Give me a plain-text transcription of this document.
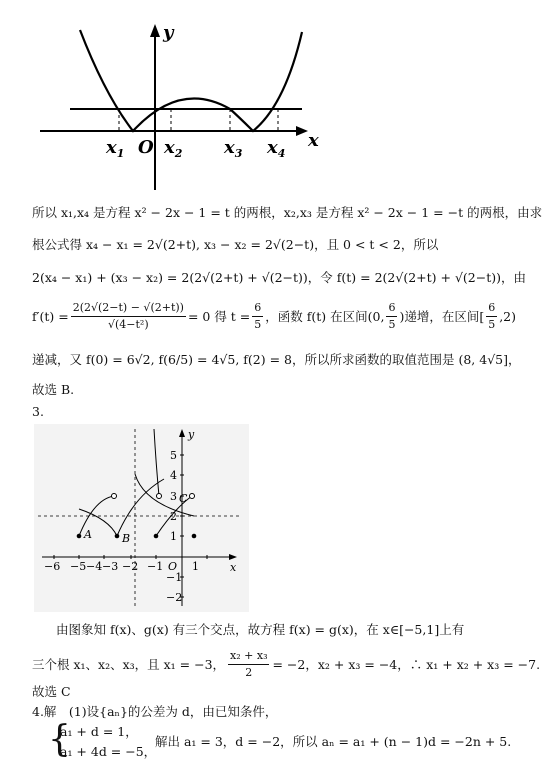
y
x
$x_1$ O $x_2$ $x_3$ $x_4$
所以 x₁,x₄ 是方程 x² − 2x − 1 = t 的两根，x₂,x₃ 是方程 x² − 2x − 1 = −t 的两根，由求
根公式得 x₄ − x₁ = 2√(2+t), x₃ − x₂ = 2√(2−t)，且 0 < t < 2，所以
2(x₄ − x₁) + (x₃ − x₂) = 2(2√(2+t) + √(2−t))，令 f(t) = 2(2√(2+t) + √(2−t))，由
$f'(t) = \frac{2(2√(2-t) - √(2+t))}{\text{√(4−t²)}} = 0$ 得 $t = \frac{6}{5}$ ，函数 f(t) 在区间(0, $\frac{6}{5}$ )递增，在区间[ $\frac{6}{5} ,2$)
递减，又 f(0) = 6√2, f(6/5) = 4√5, f(2) = 8，所以所求函数的取值范围是 (8, 4√5]，
故选 B.
3.
−6 −5 −4 −3 −2 −1 O 1
5
4
3
2
1
−1
−2
y
x
A	B
C
由图象知 f(x)、g(x) 有三个交点，故方程 f(x) = g(x)，在 x∈[−5,1]上有
三个根 x₁、x₂、x₃，且 x₁ = −3， $\frac{\text{x₂ + x₃}}{2} = -2$，x₂ + x₃ = −4，∴ x₁ + x₂ + x₃ = −7.
故选 C
4.解　(1)设{aₙ}的公差为 d，由已知条件，
{
a₁ + d = 1，
a₁ + 4d = −5，
解出 a₁ = 3，d = −2，所以 aₙ = a₁ + (n − 1)d = −2n + 5.
